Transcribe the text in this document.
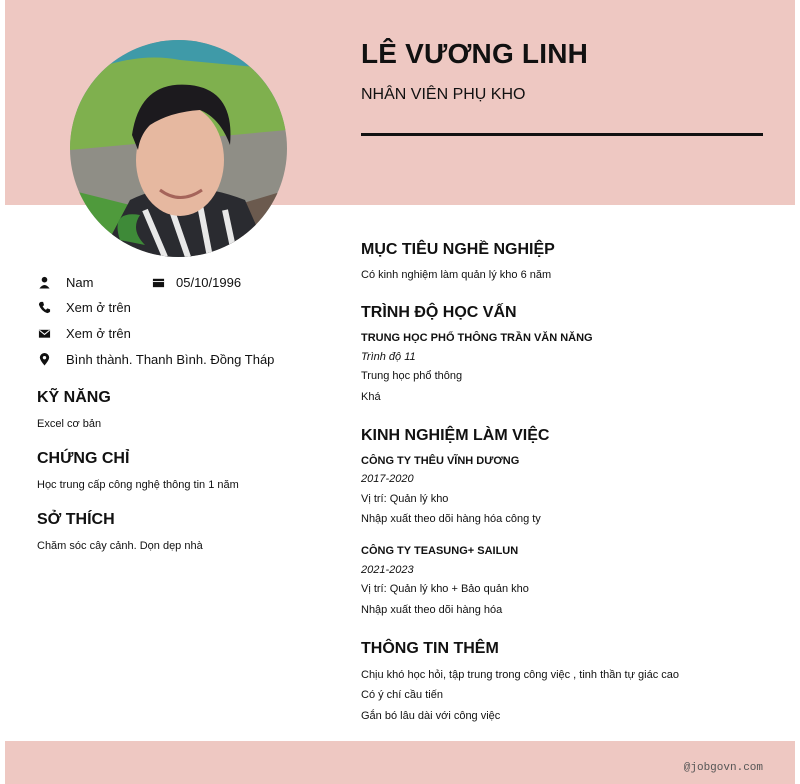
LÊ VƯƠNG LINH

NHÂN VIÊN PHỤ KHO

Nam	05/10/1996
Xem ở trên
Xem ở trên
Bình thành. Thanh Bình. Đồng Tháp
KỸ NĂNG

Excel cơ bản

CHỨNG CHỈ

Học trung cấp công nghệ thông tin 1 năm

SỞ THÍCH

Chăm sóc cây cảnh. Dọn dẹp nhà

MỤC TIÊU NGHỀ NGHIỆP

Có kinh nghiệm làm quản lý kho 6 năm

TRÌNH ĐỘ HỌC VẤN

TRUNG HỌC PHỔ THÔNG TRẦN VĂN NĂNG

Trình độ 11

Trung học phổ thông

Khá

KINH NGHIỆM LÀM VIỆC

CÔNG TY THÊU VĨNH DƯƠNG

2017-2020

Vị trí: Quản lý kho

Nhập xuất theo dõi hàng hóa công ty

CÔNG TY TEASUNG+ SAILUN

2021-2023

Vị trí: Quản lý kho + Bảo quản kho

Nhập xuất theo dõi hàng hóa

THÔNG TIN THÊM

Chịu khó học hỏi, tập trung trong công việc , tinh thần tự giác cao

Có ý chí cầu tiến

Gắn bó lâu dài với công việc

@jobgovn.com
